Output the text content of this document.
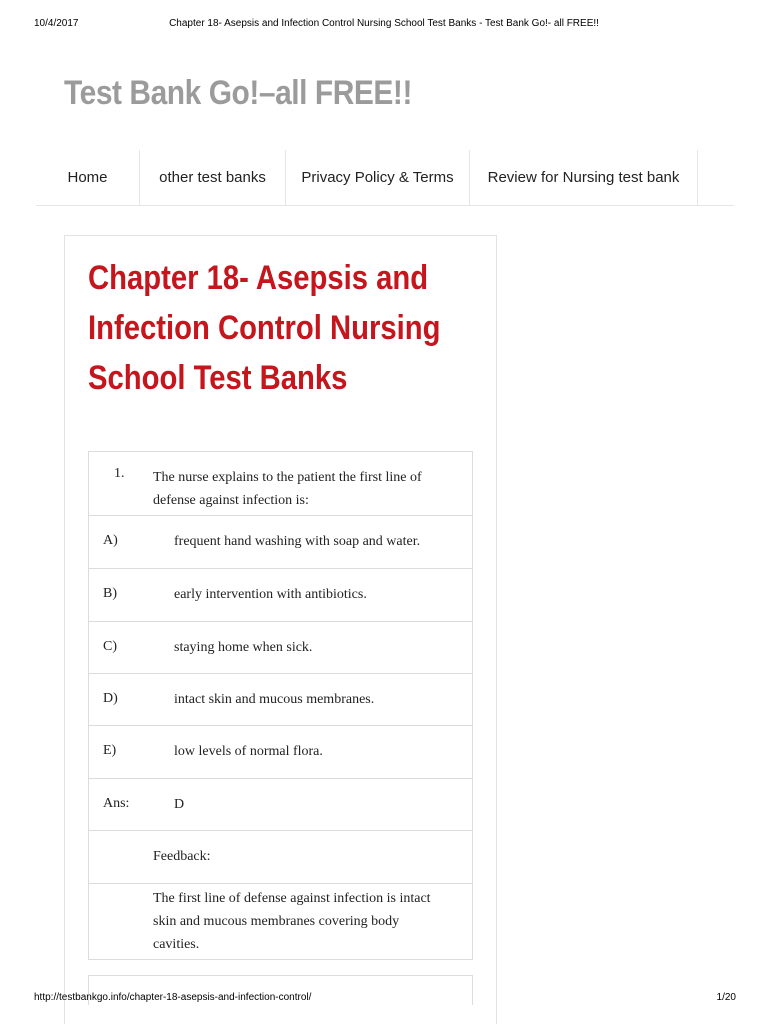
10/4/2017	Chapter 18- Asepsis and Infection Control Nursing School Test Banks - Test Bank Go!- all FREE!!
Test Bank Go!–all FREE!!
Home	other test banks	Privacy Policy & Terms	Review for Nursing test bank
Chapter 18- Asepsis and
Infection Control Nursing
School Test Banks
1. The nurse explains to the patient the first line of
defense against infection is:
A)	frequent hand washing with soap and water.
B)	early intervention with antibiotics.
C)	staying home when sick.
D)	intact skin and mucous membranes.
E)	low levels of normal flora.
Ans:	D
Feedback:
The first line of defense against infection is intact
skin and mucous membranes covering body
cavities.
http://testbankgo.info/chapter-18-asepsis-and-infection-control/	1/20
